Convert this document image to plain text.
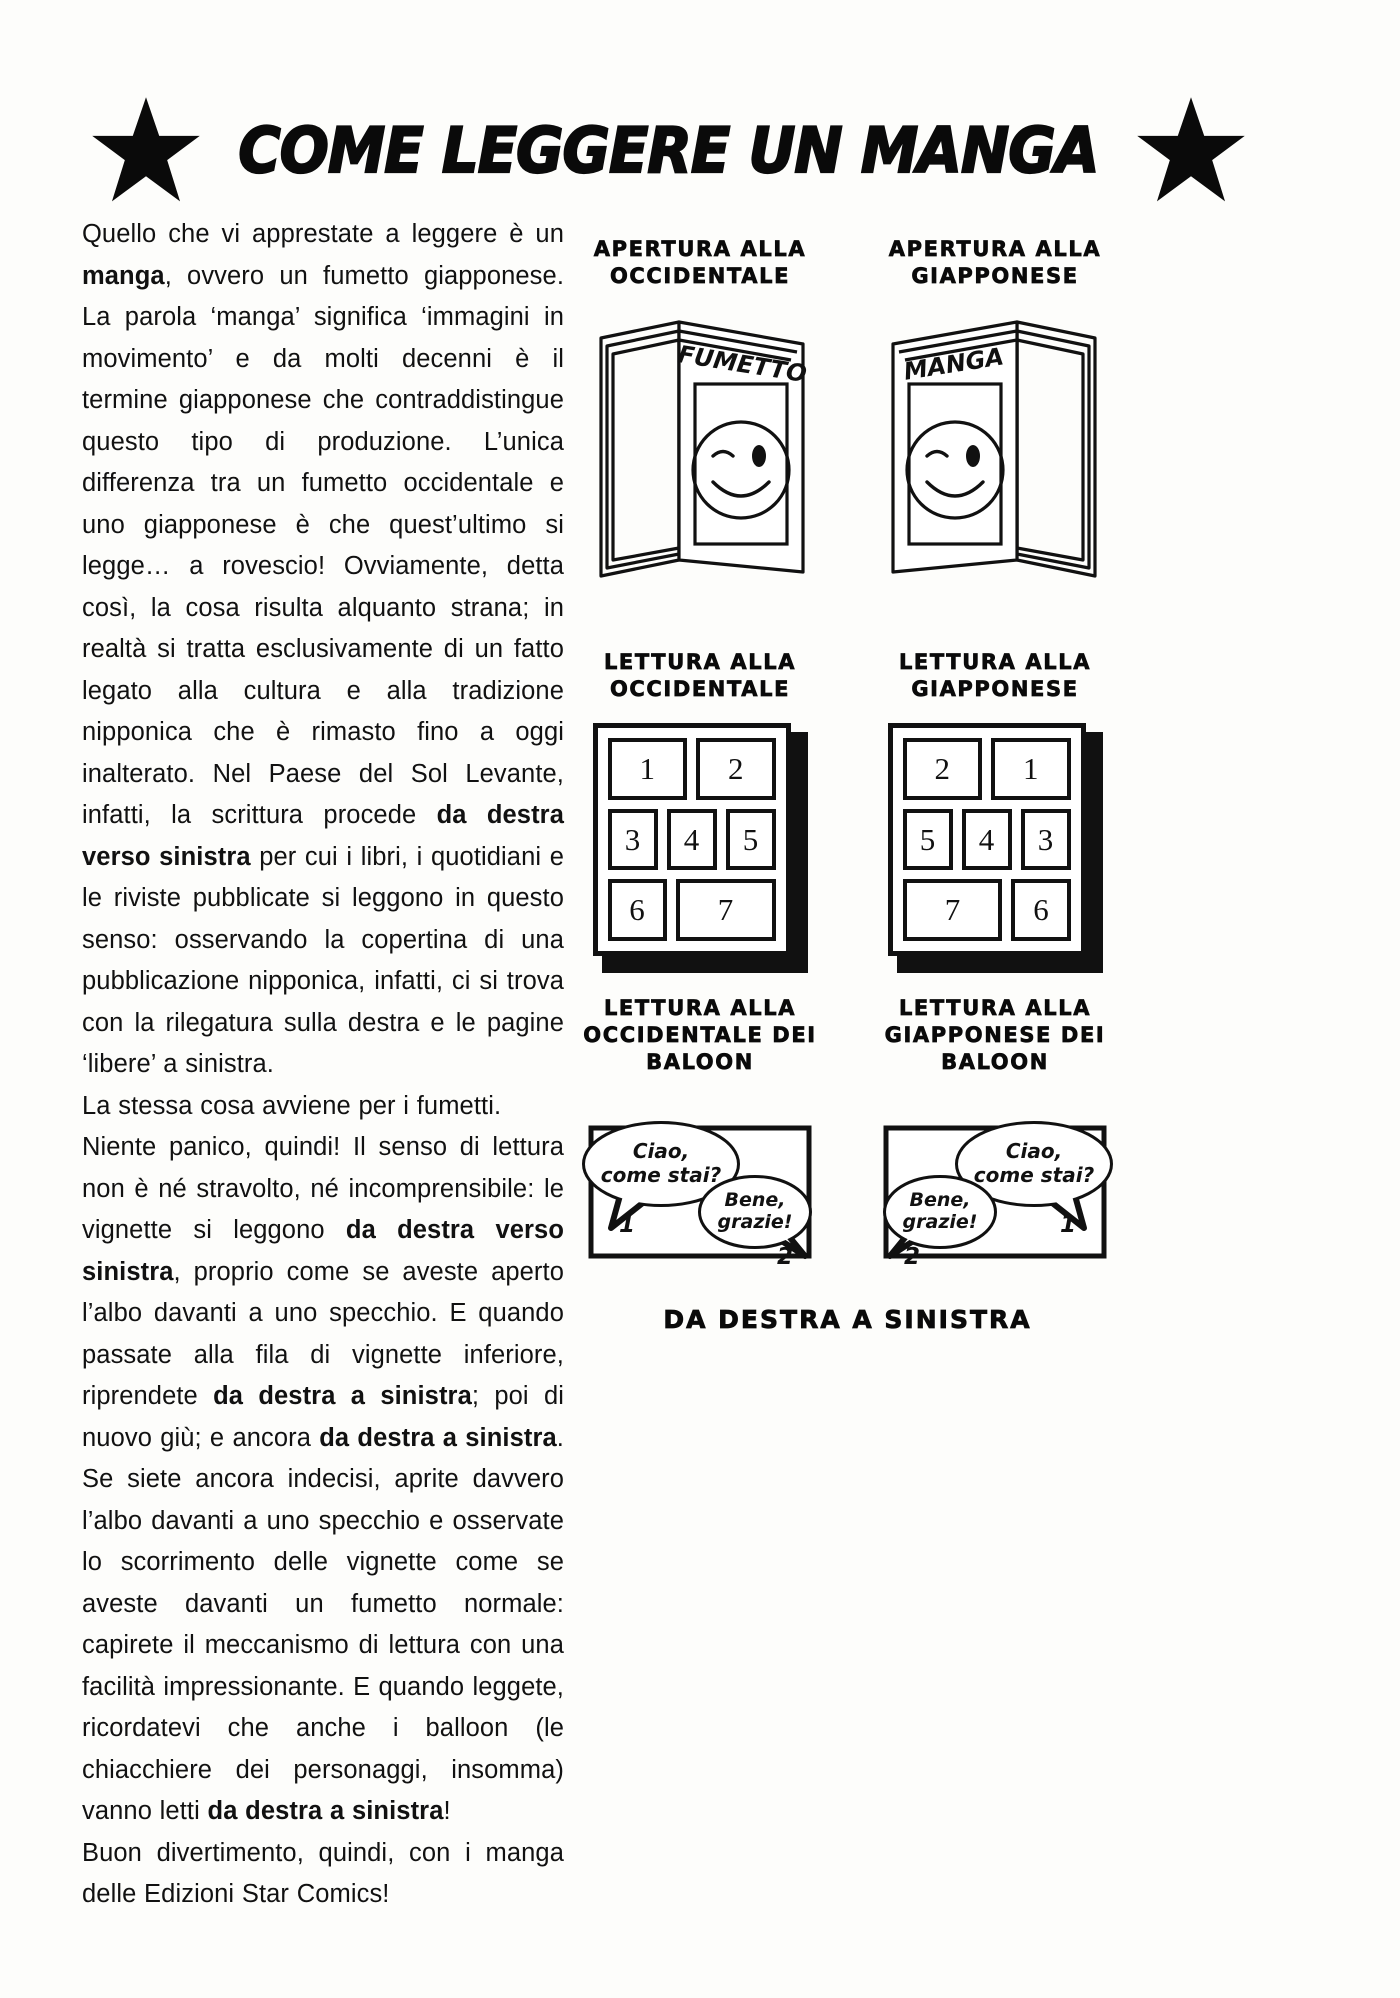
COME LEGGERE UN MANGA

Quello che vi apprestate a leggere è un manga, ovvero un fumetto giapponese. La parola ‘manga’ significa ‘immagini in movimento’ e da molti decenni è il termine giapponese che contraddistingue questo tipo di produzione. L’unica differenza tra un fumetto occidentale e uno giapponese è che quest’ultimo si legge… a rovescio! Ovviamente, detta così, la cosa risulta alquanto strana; in realtà si tratta esclusivamente di un fatto legato alla cultura e alla tradizione nipponica che è rimasto fino a oggi inalterato. Nel Paese del Sol Levante, infatti, la scrittura procede da destra verso sinistra per cui i libri, i quotidiani e le riviste pubblicate si leggono in questo senso: osservando la copertina di una pubblicazione nipponica, infatti, ci si trova con la rilegatura sulla destra e le pagine ‘libere’ a sinistra.

La stessa cosa avviene per i fumetti.

Niente panico, quindi! Il senso di lettura non è né stravolto, né incomprensibile: le vignette si leggono da destra verso sinistra, proprio come se aveste aperto l’albo davanti a uno specchio. E quando passate alla fila di vignette inferiore, riprendete da destra a sinistra; poi di nuovo giù; e ancora da destra a sinistra. Se siete ancora indecisi, aprite davvero l’albo davanti a uno specchio e osservate lo scorrimento delle vignette come se aveste davanti un fumetto normale: capirete il meccanismo di lettura con una facilità impressionante. E quando leggete, ricordatevi che anche i balloon (le chiacchiere dei personaggi, insomma) vanno letti da destra a sinistra!

Buon divertimento, quindi, con i manga delle Edizioni Star Comics!

APERTURA ALLA OCCIDENTALE
FUMETTO
APERTURA ALLA GIAPPONESE
MANGA
LETTURA ALLA OCCIDENTALE
1	2
3	4	5
6	7
LETTURA ALLA GIAPPONESE
2	1
5	4	3
7	6
LETTURA ALLA OCCIDENTALE DEI BALOON
LETTURA ALLA GIAPPONESE DEI BALOON
Ciao,
come stai?
1
Bene,
grazie!
2
Ciao,
come stai?
1
Bene,
grazie!
2
DA DESTRA A SINISTRA
